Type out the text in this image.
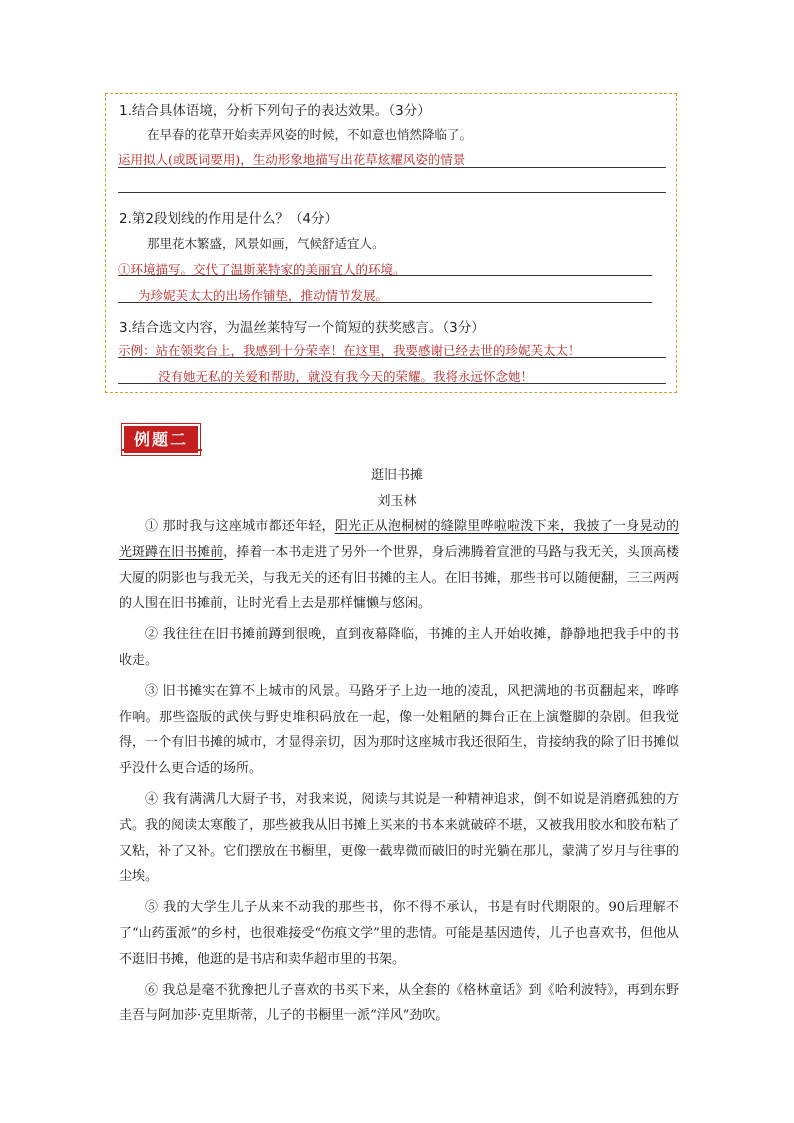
1.结合具体语境，分析下列句子的表达效果。（3分）
在早春的花草开始卖弄风姿的时候，不如意也悄然降临了。
运用拟人(或既词要用)，生动形象地描写出花草炫耀风姿的情景
2.第2段划线的作用是什么？（4分）
那里花木繁盛，风景如画，气候舒适宜人。
①环境描写。交代了温斯莱特家的美丽宜人的环境。
为珍妮芙太太的出场作铺垫，推动情节发展。
3.结合选文内容，为温丝莱特写一个简短的获奖感言。（3分）
示例：站在领奖台上，我感到十分荣幸！在这里，我要感谢已经去世的珍妮芙太太！
没有她无私的关爱和帮助，就没有我今天的荣耀。我将永远怀念她！
例题二
逛旧书摊
刘玉林

① 那时我与这座城市都还年轻，阳光正从泡桐树的缝隙里哗啦啦泼下来，我披了一身晃动的光斑蹲在旧书摊前，捧着一本书走进了另外一个世界，身后沸腾着宣泄的马路与我无关，头顶高楼大厦的阴影也与我无关，与我无关的还有旧书摊的主人。在旧书摊，那些书可以随便翻，三三两两的人围在旧书摊前，让时光看上去是那样慵懒与悠闲。

② 我往往在旧书摊前蹲到很晚，直到夜幕降临，书摊的主人开始收摊，静静地把我手中的书收走。

③ 旧书摊实在算不上城市的风景。马路牙子上边一地的凌乱，风把满地的书页翻起来，哗哗作响。那些盗版的武侠与野史堆积码放在一起，像一处粗陋的舞台正在上演蹩脚的杂剧。但我觉得，一个有旧书摊的城市，才显得亲切，因为那时这座城市我还很陌生，肯接纳我的除了旧书摊似乎没什么更合适的场所。

④ 我有满满几大厨子书，对我来说，阅读与其说是一种精神追求，倒不如说是消磨孤独的方式。我的阅读太寒酸了，那些被我从旧书摊上买来的书本来就破碎不堪，又被我用胶水和胶布粘了又粘，补了又补。它们摆放在书橱里，更像一截卑微而破旧的时光躺在那儿，蒙满了岁月与往事的尘埃。

⑤ 我的大学生儿子从来不动我的那些书，你不得不承认，书是有时代期限的。90后理解不了“山药蛋派”的乡村，也很难接受“伤痕文学”里的悲情。可能是基因遗传，儿子也喜欢书，但他从不逛旧书摊，他逛的是书店和卖华超市里的书架。

⑥ 我总是毫不犹豫把儿子喜欢的书买下来，从全套的《格林童话》到《哈利波特》，再到东野圭吾与阿加莎·克里斯蒂，儿子的书橱里一派“洋风”劲吹。
